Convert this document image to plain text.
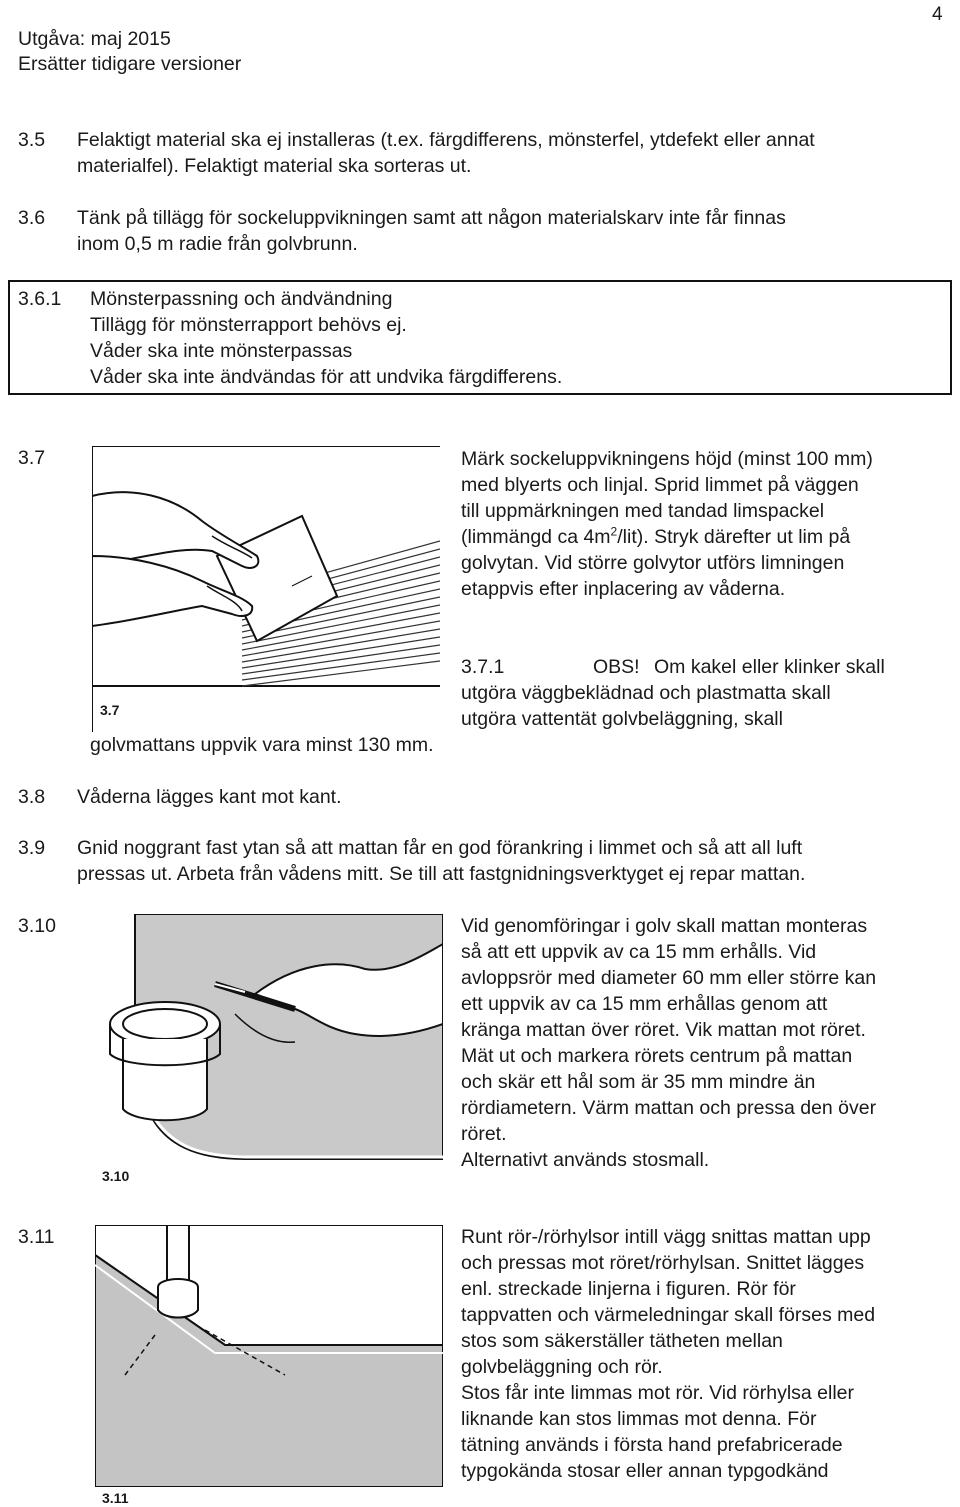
4
Utgåva: maj 2015
Ersätter tidigare versioner
3.5 Felaktigt material ska ej installeras (t.ex. färgdifferens, mönsterfel, ytdefekt eller annat
materialfel). Felaktigt material ska sorteras ut.
3.6 Tänk på tillägg för sockeluppvikningen samt att någon materialskarv inte får finnas
inom 0,5 m radie från golvbrunn.
3.6.1 Mönsterpassning och ändvändning
Tillägg för mönsterrapport behövs ej.
Våder ska inte mönsterpassas
Våder ska inte ändvändas för att undvika färgdifferens.
3.7
3.7
Märk sockeluppvikningens höjd (minst 100 mm)
med blyerts och linjal. Sprid limmet på väggen
till uppmärkningen med tandad limspackel
(limmängd ca $4m^2/lit$). Stryk därefter ut lim på
golvytan. Vid större golvytor utförs limningen
etappvis efter inplacering av våderna.
3.7.1	OBS! Om kakel eller klinker skall
utgöra väggbeklädnad och plastmatta skall
utgöra vattentät golvbeläggning, skall
golvmattans uppvik vara minst 130 mm.
3.8 Våderna lägges kant mot kant.
3.9 Gnid noggrant fast ytan så att mattan får en god förankring i limmet och så att all luft
pressas ut. Arbeta från vådens mitt. Se till att fastgnidningsverktyget ej repar mattan.
3.10
3.10
Vid genomföringar i golv skall mattan monteras
så att ett uppvik av ca 15 mm erhålls. Vid
avloppsrör med diameter 60 mm eller större kan
ett uppvik av ca 15 mm erhållas genom att
kränga mattan över röret. Vik mattan mot röret.
Mät ut och markera rörets centrum på mattan
och skär ett hål som är 35 mm mindre än
rördiametern. Värm mattan och pressa den över
röret.
Alternativt används stosmall.
3.11
3.11
Runt rör-/rörhylsor intill vägg snittas mattan upp
och pressas mot röret/rörhylsan. Snittet lägges
enl. streckade linjerna i figuren. Rör för
tappvatten och värmeledningar skall förses med
stos som säkerställer tätheten mellan
golvbeläggning och rör.
Stos får inte limmas mot rör. Vid rörhylsa eller
liknande kan stos limmas mot denna. För
tätning används i första hand prefabricerade
typgokända stosar eller annan typgodkänd
